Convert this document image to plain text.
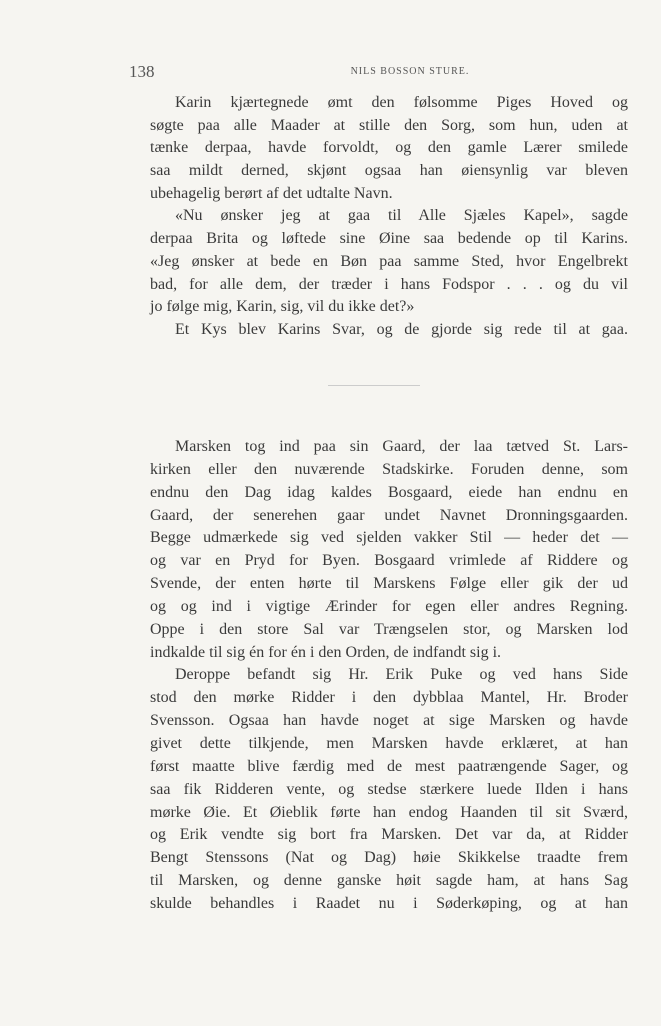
138	NILS BOSSON STURE.
Karin kjærtegnede ømt den følsomme Piges Hoved og
søgte paa alle Maader at stille den Sorg, som hun, uden at
tænke derpaa, havde forvoldt, og den gamle Lærer smilede
saa mildt derned, skjønt ogsaa han øiensynlig var bleven
ubehagelig berørt af det udtalte Navn.
«Nu ønsker jeg at gaa til Alle Sjæles Kapel», sagde
derpaa Brita og løftede sine Øine saa bedende op til Karins.
«Jeg ønsker at bede en Bøn paa samme Sted, hvor Engelbrekt
bad, for alle dem, der træder i hans Fodspor . . . og du vil
jo følge mig, Karin, sig, vil du ikke det?»
Et Kys blev Karins Svar, og de gjorde sig rede til at gaa.
Marsken tog ind paa sin Gaard, der laa tætved St. Lars-
kirken eller den nuværende Stadskirke. Foruden denne, som
endnu den Dag idag kaldes Bosgaard, eiede han endnu en
Gaard, der senerehen gaar undet Navnet Dronningsgaarden.
Begge udmærkede sig ved sjelden vakker Stil — heder det —
og var en Pryd for Byen. Bosgaard vrimlede af Riddere og
Svende, der enten hørte til Marskens Følge eller gik der ud
og og ind i vigtige Ærinder for egen eller andres Regning.
Oppe i den store Sal var Trængselen stor, og Marsken lod
indkalde til sig én for én i den Orden, de indfandt sig i.
Deroppe befandt sig Hr. Erik Puke og ved hans Side
stod den mørke Ridder i den dybblaa Mantel, Hr. Broder
Svensson. Ogsaa han havde noget at sige Marsken og havde
givet dette tilkjende, men Marsken havde erklæret, at han
først maatte blive færdig med de mest paatrængende Sager, og
saa fik Ridderen vente, og stedse stærkere luede Ilden i hans
mørke Øie. Et Øieblik førte han endog Haanden til sit Sværd,
og Erik vendte sig bort fra Marsken. Det var da, at Ridder
Bengt Stenssons (Nat og Dag) høie Skikkelse traadte frem
til Marsken, og denne ganske høit sagde ham, at hans Sag
skulde behandles i Raadet nu i Søderkøping, og at han
